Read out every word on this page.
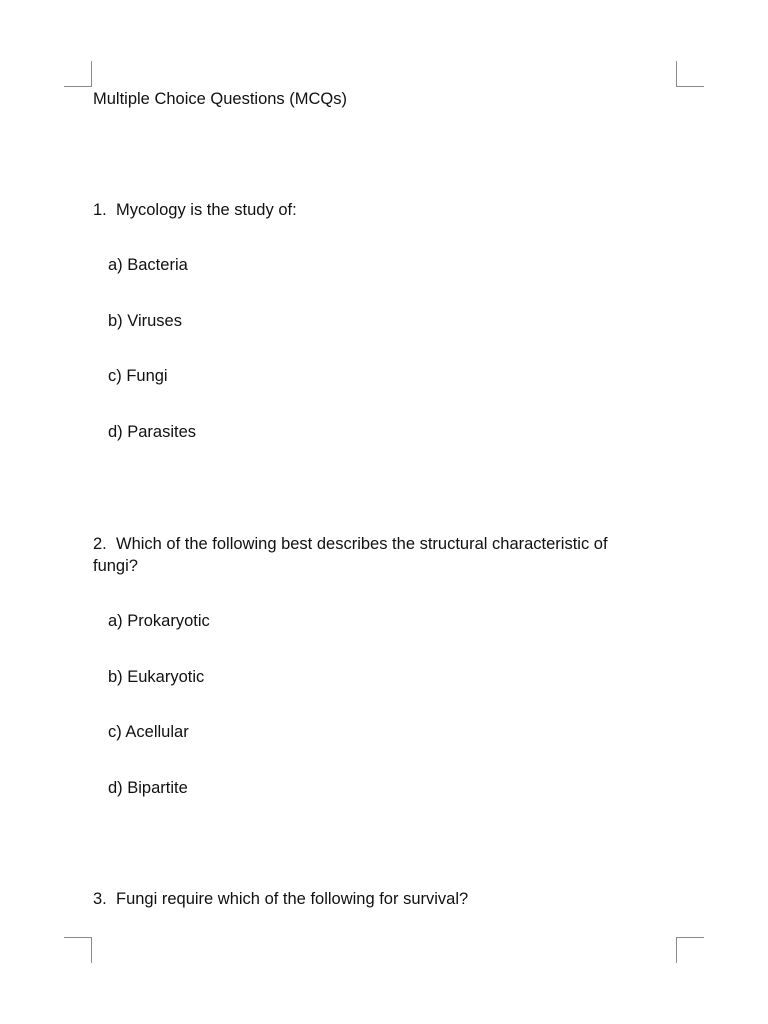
Multiple Choice Questions (MCQs)

1. Mycology is the study of:

a) Bacteria

b) Viruses

c) Fungi

d) Parasites

2. Which of the following best describes the structural characteristic of fungi?

a) Prokaryotic

b) Eukaryotic

c) Acellular

d) Bipartite

3. Fungi require which of the following for survival?
